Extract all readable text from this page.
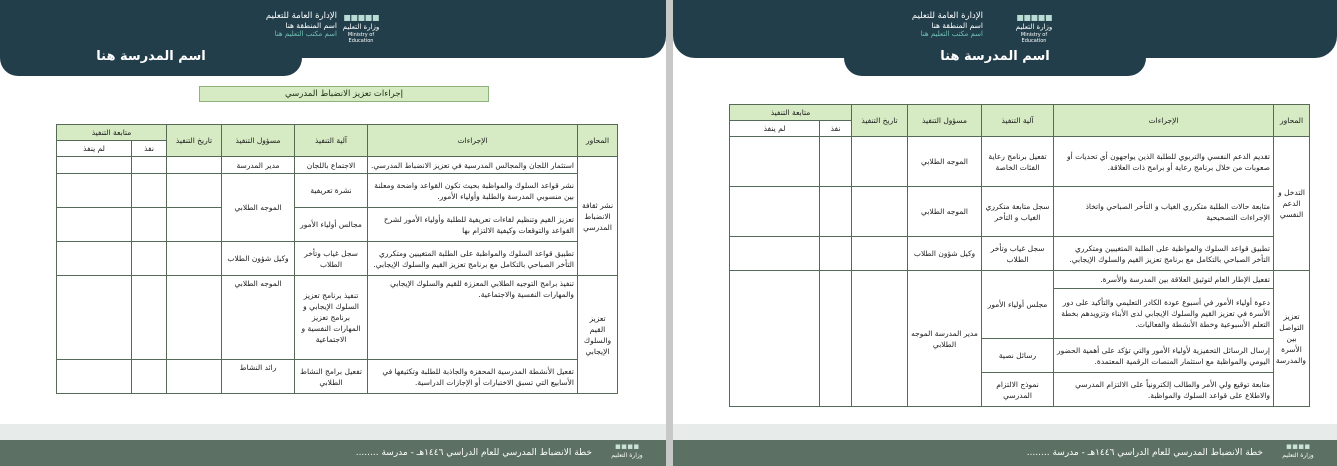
اسم المدرسة هنا
الإدارة العامة للتعليم
اسم المنطقة هنا
اسم مكتب التعليم هنا
▪▪▪▪▪
وزارة التعليم
Ministry of Education
إجراءات تعزيز الانضباط المدرسي
المحاور	الإجراءات	آلية التنفيذ	مسؤول التنفيذ	تاريخ التنفيذ	متابعة التنفيذ	
					نفذ	لم ينفذ
نشر ثقافة الانضباط المدرسي	استثمار اللجان والمجالس المدرسية في تعزيز الانضباط المدرسي.	الاجتماع باللجان	مدير المدرسة			
	نشر قواعد السلوك والمواظبة بحيث تكون القواعد واضحة ومعلنة بين منسوبي المدرسة والطلبة وأولياء الأمور.	نشرة تعريفية	الموجه الطلابي			
	تعزيز القيم وتنظيم لقاءات تعريفية للطلبة وأولياء الأمور لشرح القواعد والتوقعات وكيفية الالتزام بها	مجالس أولياء الأمور				
	تطبيق قواعد السلوك والمواظبة على الطلبة المتغيبين ومتكرري التأخر الصباحي بالتكامل مع برنامج تعزيز القيم والسلوك الإيجابي.	سجل غياب وتأخر الطلاب	وكيل شؤون الطلاب			
تعزيز القيم والسلوك الإيجابي	تنفيذ برامج التوجيه الطلابي المعززة للقيم والسلوك الإيجابي والمهارات النفسية والاجتماعية.	تنفيذ برنامج تعزيز السلوك الإيجابي و برنامج تعزيز المهارات النفسية و الاجتماعية	الموجه الطلابي			
	تفعيل الأنشطة المدرسية المحفزة والجاذبة للطلبة وتكثيفها في الأسابيع التي تسبق الاختبارات أو الإجازات الدراسية.	تفعيل برامج النشاط الطلابي	رائد النشاط			
خطة الانضباط المدرسي للعام الدراسي ١٤٤٦هـ - مدرسة ........
▪▪▪▪
وزارة التعليم
اسم المدرسة هنا
الإدارة العامة للتعليم
اسم المنطقة هنا
اسم مكتب التعليم هنا
▪▪▪▪▪
وزارة التعليم
Ministry of Education
المحاور	الإجراءات	آلية التنفيذ	مسؤول التنفيذ	تاريخ التنفيذ	متابعة التنفيذ	
					نفذ	لم ينفذ
التدخل و الدعم النفسي	تقديم الدعم النفسي والتربوي للطلبة الذين يواجهون أي تحديات أو صعوبات من خلال برنامج رعاية أو برامج ذات العلاقة.	تفعيل برنامج رعاية الفئات الخاصة	الموجه الطلابي			
	متابعة حالات الطلبة متكرري الغياب و التأخر الصباحي واتخاذ الإجراءات التصحيحية	سجل متابعة متكرري الغياب و التأخر	الموجه الطلابي			
	تطبيق قواعد السلوك والمواظبة على الطلبة المتغيبين ومتكرري التأخر الصباحي بالتكامل مع برنامج تعزيز القيم والسلوك الإيجابي.	سجل غياب وتأخر الطلاب	وكيل شؤون الطلاب			
تعزيز التواصل بين الأسرة والمدرسة	تفعيل الإطار العام لتوثيق العلاقة بين المدرسة والأسرة.	مجلس أولياء الأمور	مدير المدرسة الموجه الطلابي			
	دعوة أولياء الأمور في أسبوع عودة الكادر التعليمي والتأكيد على دور الأسرة في تعزيز القيم والسلوك الإيجابي لدى الأبناء وتزويدهم بخطة التعلم الأسبوعية وخطة الأنشطة والفعاليات.					
	إرسال الرسائل التحفيزية لأولياء الأمور والتي تؤكد على أهمية الحضور اليومي والمواظبة مع استثمار المنصات الرقمية المعتمدة.	رسائل نصية				
	متابعة توقيع ولي الأمر والطالب إلكترونياً على الالتزام المدرسي والاطلاع على قواعد السلوك والمواظبة.	نموذج الالتزام المدرسي				
خطة الانضباط المدرسي للعام الدراسي ١٤٤٦هـ - مدرسة ........
▪▪▪▪
وزارة التعليم
